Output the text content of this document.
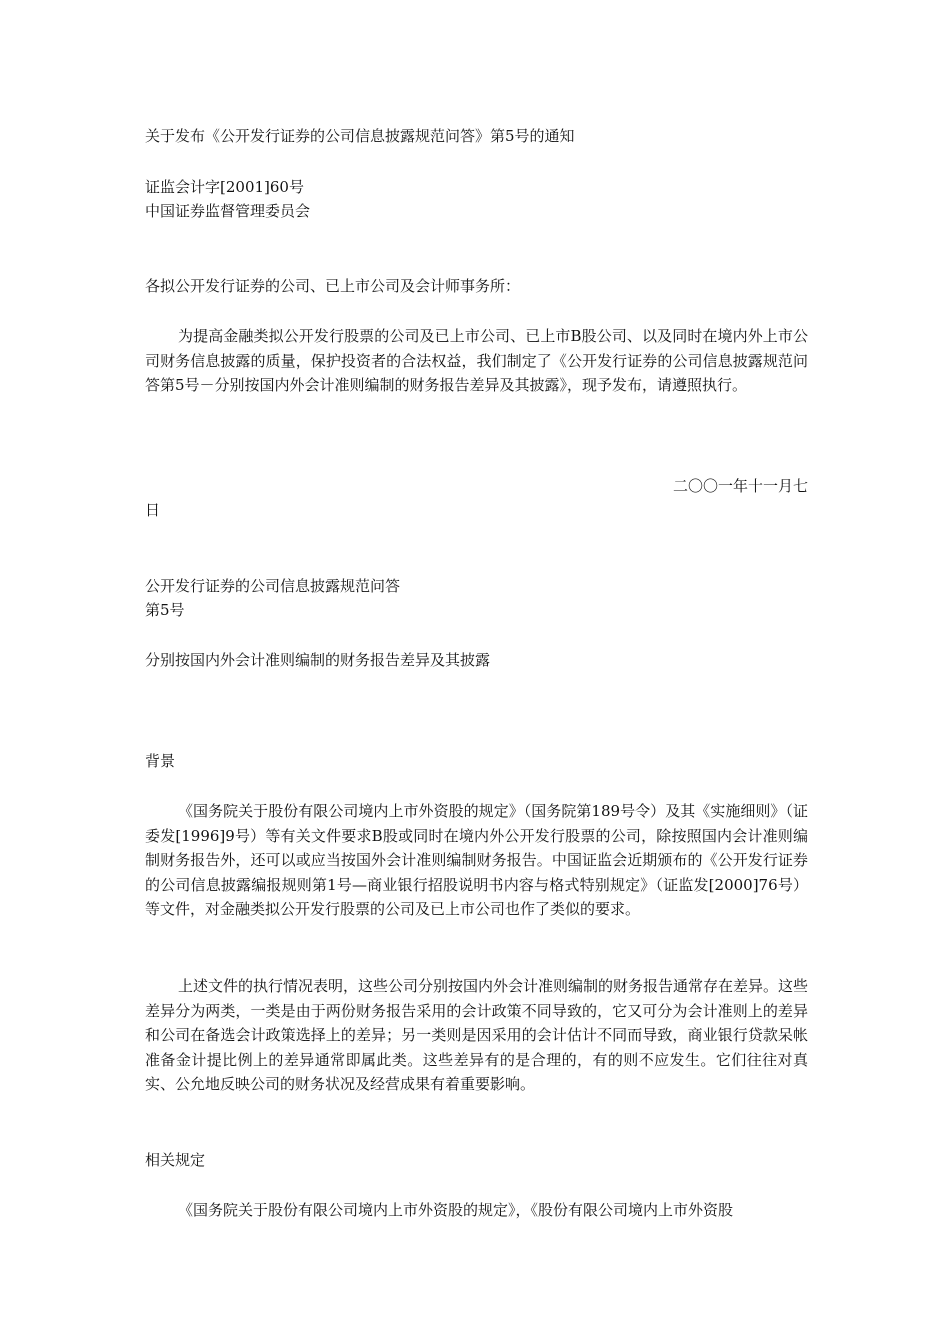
关于发布《公开发行证券的公司信息披露规范问答》第5号的通知
证监会计字[2001]60号
中国证券监督管理委员会
各拟公开发行证券的公司、已上市公司及会计师事务所：
为提高金融类拟公开发行股票的公司及已上市公司、已上市B股公司、以及同时在境内外上市公司财务信息披露的质量，保护投资者的合法权益，我们制定了《公开发行证券的公司信息披露规范问答第5号－分别按国内外会计准则编制的财务报告差异及其披露》，现予发布，请遵照执行。
二〇〇一年十一月七
日
公开发行证券的公司信息披露规范问答
第5号
分别按国内外会计准则编制的财务报告差异及其披露
背景
《国务院关于股份有限公司境内上市外资股的规定》（国务院第189号令）及其《实施细则》（证委发[1996]9号）等有关文件要求B股或同时在境内外公开发行股票的公司，除按照国内会计准则编制财务报告外，还可以或应当按国外会计准则编制财务报告。中国证监会近期颁布的《公开发行证券的公司信息披露编报规则第1号—商业银行招股说明书内容与格式特别规定》（证监发[2000]76号）等文件，对金融类拟公开发行股票的公司及已上市公司也作了类似的要求。
上述文件的执行情况表明，这些公司分别按国内外会计准则编制的财务报告通常存在差异。这些差异分为两类，一类是由于两份财务报告采用的会计政策不同导致的，它又可分为会计准则上的差异和公司在备选会计政策选择上的差异；另一类则是因采用的会计估计不同而导致，商业银行贷款呆帐准备金计提比例上的差异通常即属此类。这些差异有的是合理的，有的则不应发生。它们往往对真实、公允地反映公司的财务状况及经营成果有着重要影响。
相关规定
《国务院关于股份有限公司境内上市外资股的规定》，《股份有限公司境内上市外资股
